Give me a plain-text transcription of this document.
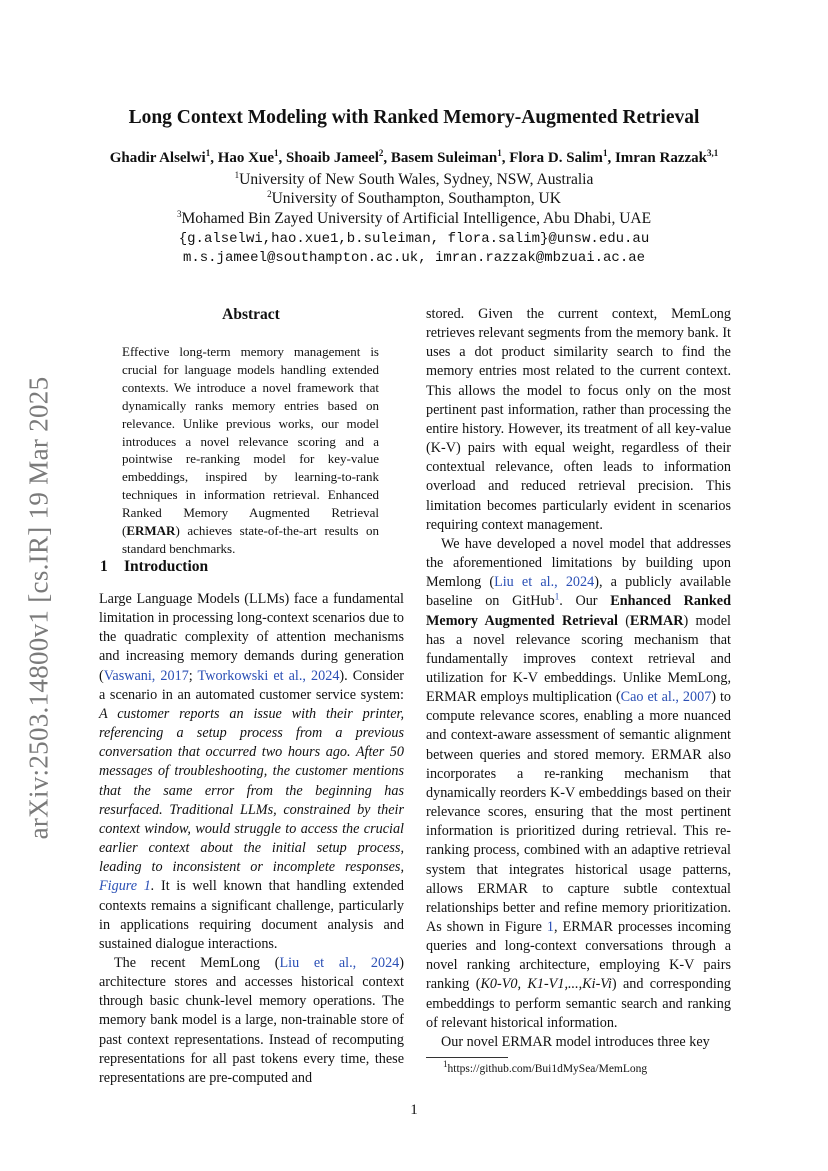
arXiv:2503.14800v1 [cs.IR] 19 Mar 2025
Long Context Modeling with Ranked Memory-Augmented Retrieval
Ghadir Alselwi$^1$, Hao Xue$^1$, Shoaib Jameel$^2$, Basem Suleiman$^1$, Flora D. Salim$^1$, Imran Razzak$^{3,1}$
$^1$University of New South Wales, Sydney, NSW, Australia
$^2$University of Southampton, Southampton, UK
$^3$Mohamed Bin Zayed University of Artificial Intelligence, Abu Dhabi, UAE
{g.alselwi,hao.xue1,b.suleiman, flora.salim}@unsw.edu.au
m.s.jameel@southampton.ac.uk, imran.razzak@mbzuai.ac.ae
Abstract
Effective long-term memory management is crucial for language models handling extended contexts. We introduce a novel framework that dynamically ranks memory entries based on relevance. Unlike previous works, our model introduces a novel relevance scoring and a pointwise re-ranking model for key-value embeddings, inspired by learning-to-rank techniques in information retrieval. Enhanced Ranked Memory Augmented Retrieval (ERMAR) achieves state-of-the-art results on standard benchmarks.
1 Introduction

Large Language Models (LLMs) face a fundamental limitation in processing long-context scenarios due to the quadratic complexity of attention mechanisms and increasing memory demands during generation (Vaswani, 2017; Tworkowski et al., 2024). Consider a scenario in an automated customer service system: A customer reports an issue with their printer, referencing a setup process from a previous conversation that occurred two hours ago. After 50 messages of troubleshooting, the customer mentions that the same error from the beginning has resurfaced. Traditional LLMs, constrained by their context window, would struggle to access the crucial earlier context about the initial setup process, leading to inconsistent or incomplete responses, Figure 1. It is well known that handling extended contexts remains a significant challenge, particularly in applications requiring document analysis and sustained dialogue interactions.

The recent MemLong (Liu et al., 2024) architecture stores and accesses historical context through basic chunk-level memory operations. The memory bank model is a large, non-trainable store of past context representations. Instead of recomputing representations for all past tokens every time, these representations are pre-computed and

stored. Given the current context, MemLong retrieves relevant segments from the memory bank. It uses a dot product similarity search to find the memory entries most related to the current context. This allows the model to focus only on the most pertinent past information, rather than processing the entire history. However, its treatment of all key-value (K-V) pairs with equal weight, regardless of their contextual relevance, often leads to information overload and reduced retrieval precision. This limitation becomes particularly evident in scenarios requiring context management.

We have developed a novel model that addresses the aforementioned limitations by building upon Memlong (Liu et al., 2024), a publicly available baseline on GitHub$^1$. Our Enhanced Ranked Memory Augmented Retrieval (ERMAR) model has a novel relevance scoring mechanism that fundamentally improves context retrieval and utilization for K-V embeddings. Unlike MemLong, ERMAR employs multiplication (Cao et al., 2007) to compute relevance scores, enabling a more nuanced and context-aware assessment of semantic alignment between queries and stored memory. ERMAR also incorporates a re-ranking mechanism that dynamically reorders K-V embeddings based on their relevance scores, ensuring that the most pertinent information is prioritized during retrieval. This re-ranking process, combined with an adaptive retrieval system that integrates historical usage patterns, allows ERMAR to capture subtle contextual relationships better and refine memory prioritization. As shown in Figure 1, ERMAR processes incoming queries and long-context conversations through a novel ranking architecture, employing K-V pairs ranking (K0-V0, K1-V1,...,Ki-Vi) and corresponding embeddings to perform semantic search and ranking of relevant historical information.

Our novel ERMAR model introduces three key

$^1$https://github.com/Bui1dMySea/MemLong
1
